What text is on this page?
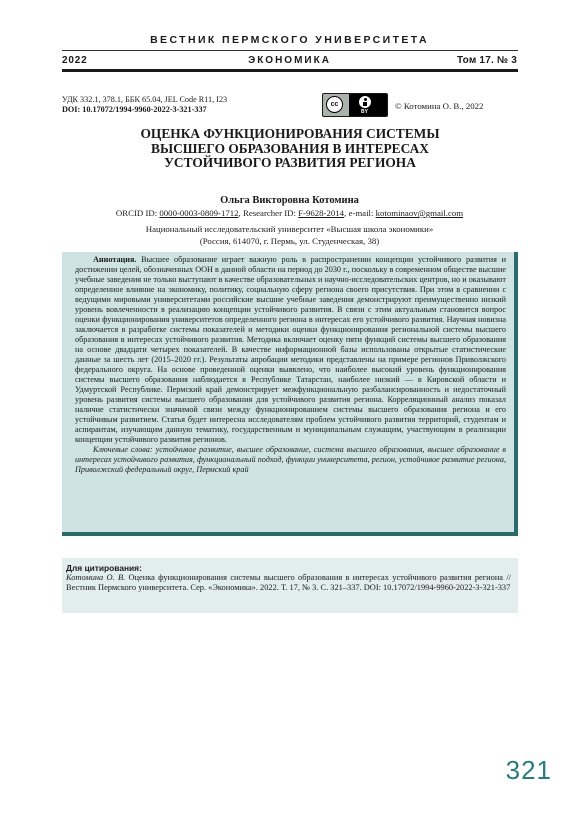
ВЕСТНИК ПЕРМСКОГО УНИВЕРСИТЕТА
ЭКОНОМИКА
2022	Том 17. № 3
УДК 332.1, 378.1, ББК 65.04, JEL Code R11, I23
DOI: 10.17072/1994-9960-2022-3-321-337
cc
BY
© Котомина О. В., 2022
ОЦЕНКА ФУНКЦИОНИРОВАНИЯ СИСТЕМЫ
ВЫСШЕГО ОБРАЗОВАНИЯ В ИНТЕРЕСАХ
УСТОЙЧИВОГО РАЗВИТИЯ РЕГИОНА
Ольга Викторовна Котомина
ORCID ID: 0000-0003-0809-1712, Researcher ID: F-9628-2014, e-mail: kotominaov@gmail.com
Национальный исследовательский университет «Высшая школа экономики»
(Россия, 614070, г. Пермь, ул. Студенческая, 38)

Аннотация. Высшее образование играет важную роль в распространении концепции устойчивого развития и достижении целей, обозначенных ООН в данной области на период до 2030 г., поскольку в современном обществе высшие учебные заведения не только выступают в качестве образовательных и научно-исследовательских центров, но и оказывают определенное влияние на экономику, политику, социальную сферу региона своего присутствия. При этом в сравнении с ведущими мировыми университетами российские высшие учебные заведения демонстрируют преимущественно низкий уровень вовлеченности в реализацию концепции устойчивого развития. В связи с этим актуальным становится вопрос оценки функционирования университетов определенного региона в интересах его устойчивого развития. Научная новизна заключается в разработке системы показателей и методики оценки функционирования региональной системы высшего образования в интересах устойчивого развития. Методика включает оценку пяти функций системы высшего образования на основе двадцати четырех показателей. В качестве информационной базы использованы открытые статистические данные за шесть лет (2015–2020 гг.). Результаты апробации методики представлены на примере регионов Приволжского федерального округа. На основе проведенной оценки выявлено, что наиболее высокий уровень функционирования системы высшего образования наблюдается в Республике Татарстан, наиболее низкий — в Кировской области и Удмуртской Республике. Пермский край демонстрирует межфункциональную разбалансированность и недостаточный уровень развития системы высшего образования для устойчивого развития региона. Корреляционный анализ показал наличие статистически значимой связи между функционированием системы высшего образования региона и его устойчивым развитием. Статья будет интересна исследователям проблем устойчивого развития территорий, студентам и аспирантам, изучающим данную тематику, государственным и муниципальным служащим, участвующим в реализации концепции устойчивого развития регионов.

Ключевые слова: устойчивое развитие, высшее образование, система высшего образования, высшее образование в интересах устойчивого развития, функциональный подход, функции университета, регион, устойчивое развитие региона, Приволжский федеральный округ, Пермский край

Для цитирования:

Котомина О. В. Оценка функционирования системы высшего образования в интересах устойчивого развития региона // Вестник Пермского университета. Сер. «Экономика». 2022. Т. 17, № 3. С. 321–337. DOI: 10.17072/1994-9960-2022-3-321-337

321
